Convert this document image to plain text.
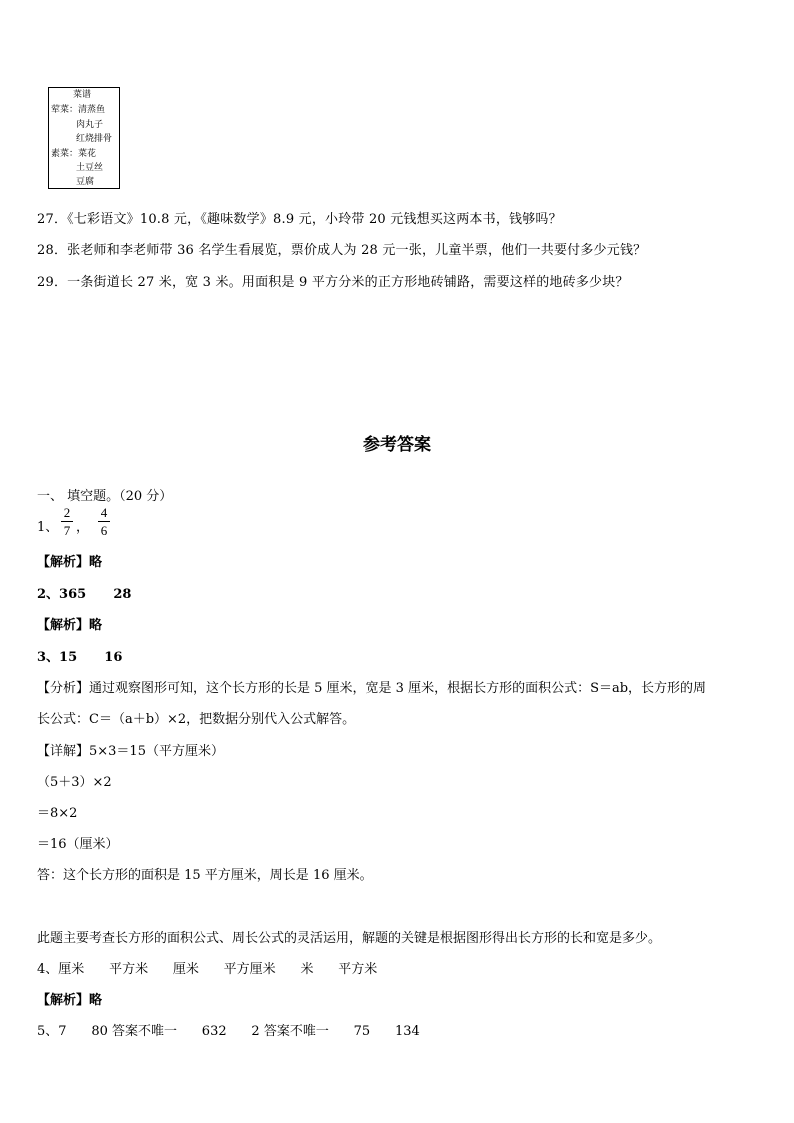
菜谱
荤菜：清蒸鱼
肉丸子
红烧排骨
素菜：菜花
土豆丝
豆腐
27．《七彩语文》10.8 元，《趣味数学》8.9 元，小玲带 20 元钱想买这两本书，钱够吗？
28．张老师和李老师带 36 名学生看展览，票价成人为 28 元一张，儿童半票，他们一共要付多少元钱？
29．一条街道长 27 米，宽 3 米。用面积是 9 平方分米的正方形地砖铺路，需要这样的地砖多少块？
参考答案
一、 填空题。（20 分）
1、
2
7 ，
4
6
【解析】略
2、365      28
【解析】略
3、15      16
【分析】通过观察图形可知，这个长方形的长是 5 厘米，宽是 3 厘米，根据长方形的面积公式：S＝ab，长方形的周
长公式：C＝（a＋b）×2，把数据分别代入公式解答。
【详解】5×3＝15（平方厘米）
（5＋3）×2
＝8×2
＝16（厘米）
答：这个长方形的面积是 15 平方厘米，周长是 16 厘米。
此题主要考查长方形的面积公式、周长公式的灵活运用，解题的关键是根据图形得出长方形的长和宽是多少。
4、厘米      平方米      厘米      平方厘米      米      平方米
【解析】略
5、7      80 答案不唯一      632      2 答案不唯一      75      134
